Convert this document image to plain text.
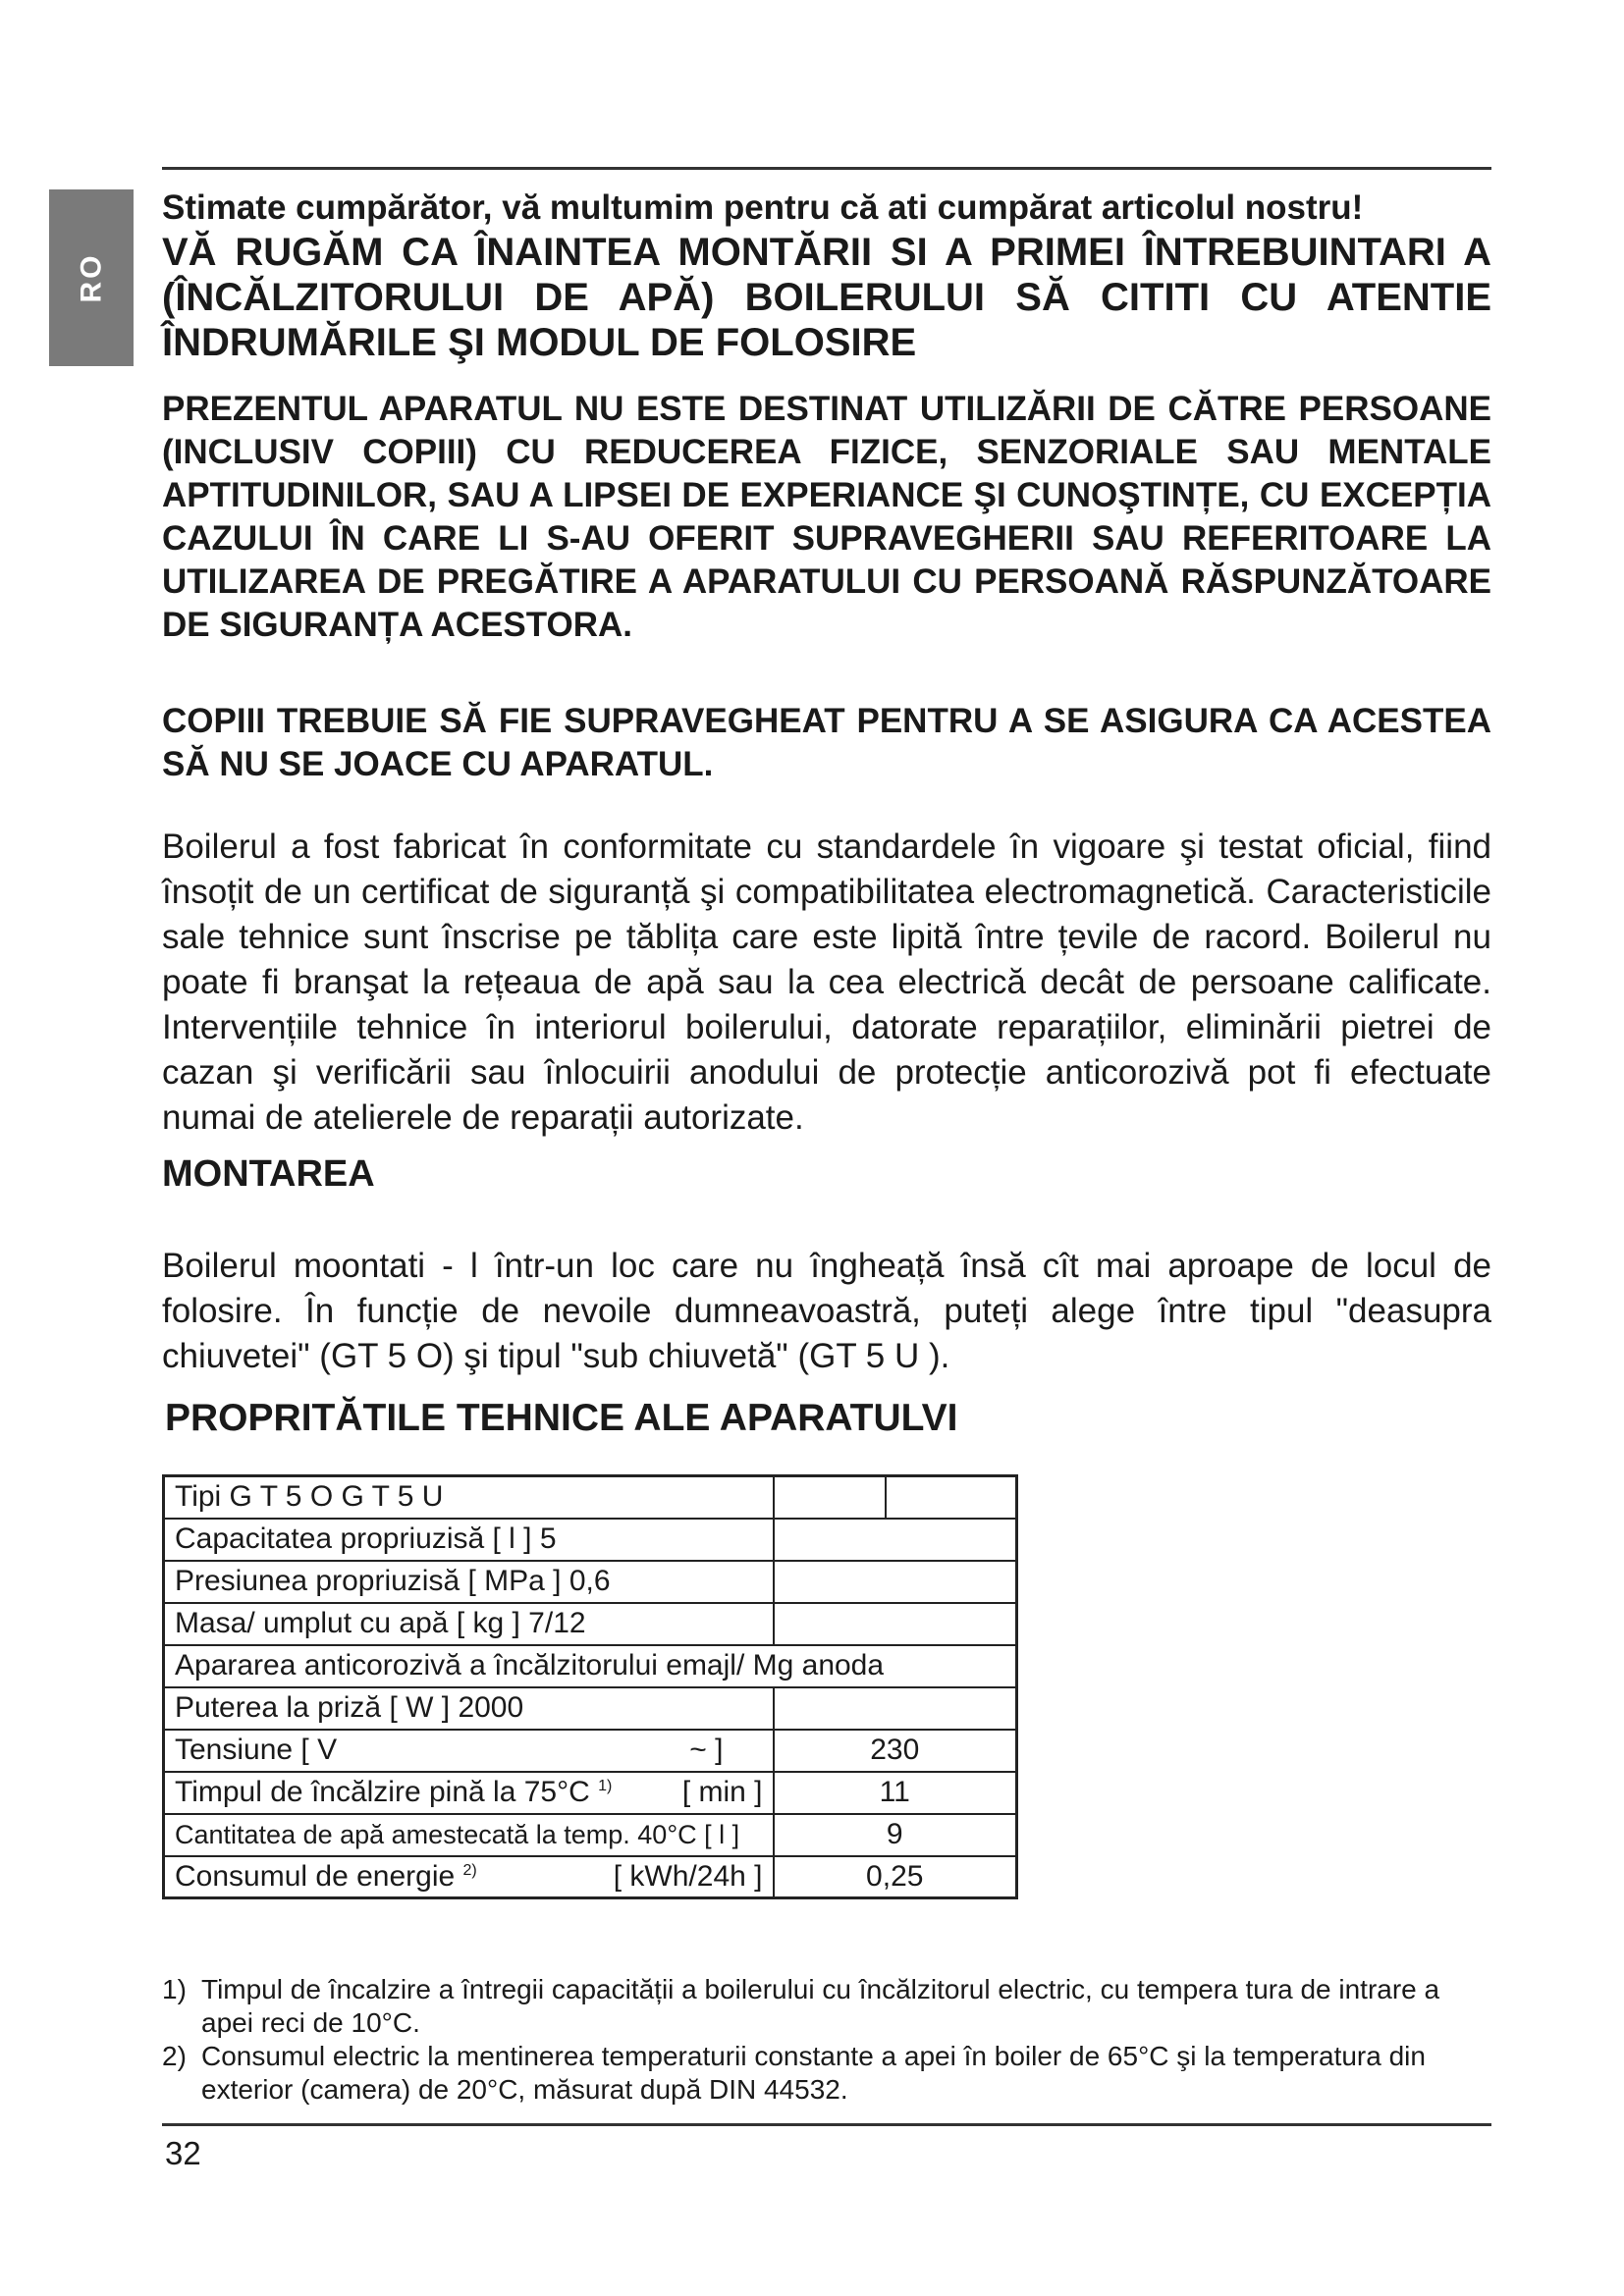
RO
Stimate cumpărător, vă multumim pentru că ati cumpărat articolul nostru!
VĂ RUGĂM CA ÎNAINTEA MONTĂRII SI A PRIMEI ÎNTREBUINTARI A
(ÎNCĂLZITORULUI DE APĂ) BOILERULUI SĂ CITITI CU ATENTIE
ÎNDRUMĂRILE ŞI MODUL DE FOLOSIRE
PREZENTUL APARATUL NU ESTE DESTINAT UTILIZĂRII DE CĂTRE PERSOANE (INCLUSIV COPIII) CU REDUCEREA FIZICE, SENZORIALE SAU MENTALE APTITUDINILOR, SAU A LIPSEI DE EXPERIANCE ŞI CUNOŞTINȚE, CU EXCEPȚIA CAZULUI ÎN CARE LI S-AU OFERIT SUPRAVEGHERII SAU REFERITOARE LA UTILIZAREA DE PREGĂTIRE A APARATULUI CU PERSOANĂ RĂSPUNZĂTOARE DE SIGURANȚA ACESTORA.
COPIII TREBUIE SĂ FIE SUPRAVEGHEAT PENTRU A SE ASIGURA CA ACESTEA SĂ NU SE JOACE CU APARATUL.
Boilerul a fost fabricat în conformitate cu standardele în vigoare şi testat oficial, fiind însoțit de un certificat de siguranță şi compatibilitatea electromagnetică. Caracteristicile sale tehnice sunt înscrise pe tăblița care este lipită între țevile de racord. Boilerul nu poate fi branşat la rețeaua de apă sau la cea electrică decât de persoane calificate. Intervențiile tehnice în interiorul boilerului, datorate reparațiilor, eliminării pietrei de cazan şi verificării sau înlocuirii anodului de protecție anticorozivă pot fi efectuate numai de atelierele de reparații autorizate.
MONTAREA
Boilerul moontati - l într-un loc care nu îngheață însă cît mai aproape de locul de folosire. În funcție de nevoile dumneavoastră, puteți alege între tipul "deasupra chiuvetei" (GT 5 O) şi tipul "sub chiuvetă" (GT 5 U ).
PROPRITĂTILE TEHNICE ALE APARATULVI
Tipi G T 5 O G T 5 U	

Capacitatea propriuzisă [ l ] 5	
Presiunea propriuzisă [ MPa ] 0,6	
Masa/ umplut cu apă [ kg ] 7/12	
Apararea anticorozivă a încălzitorului emajl/ Mg anoda	
Puterea la priză [ W ] 2000	

Tensiune [ V ~ ]	230

Timpul de încălzire pină la 75°C $^{1)}$ [ min ]	11
Cantitatea de apă amestecată la temp. 40°C [ l ]	9

Consumul de energie $^{2)}$ [ kWh/24h ]	0,25
1) Timpul de încalzire a întregii capacității a boilerului cu încălzitorul electric, cu tempera tura de intrare a apei reci de 10°C.
2) Consumul electric la mentinerea temperaturii constante a apei în boiler de 65°C şi la temperatura din exterior (camera) de 20°C, măsurat după DIN 44532.
32
